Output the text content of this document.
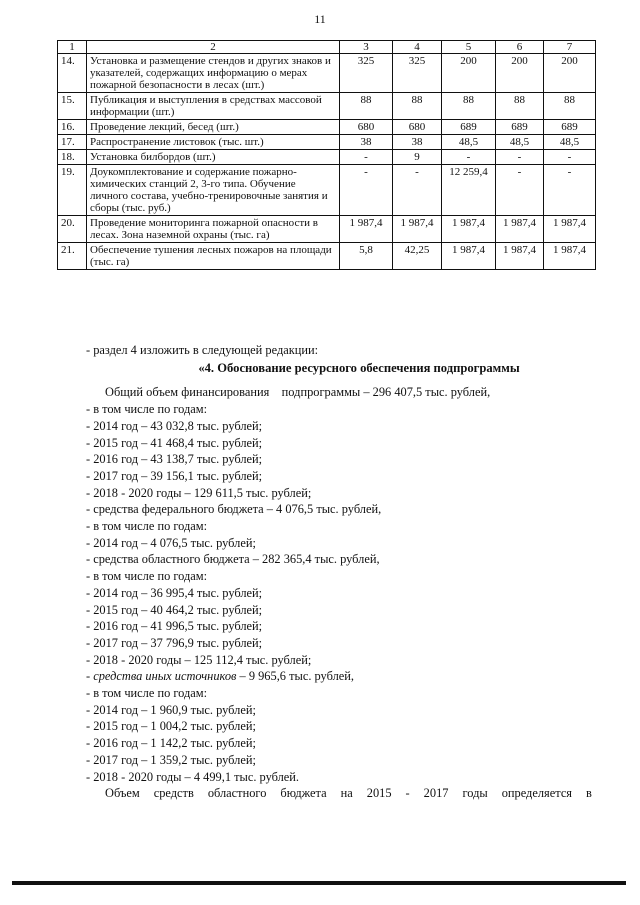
11
1	2	3	4	5	6	7
14.	Установка и размещение стендов и других знаков и указателей, содержащих информацию о мерах пожарной безопасности в лесах (шт.)	325	325	200	200	200
15.	Публикация и выступления в средствах массовой информации (шт.)	88	88	88	88	88
16.	Проведение лекций, бесед (шт.)	680	680	689	689	689
17.	Распространение листовок (тыс. шт.)	38	38	48,5	48,5	48,5
18.	Установка билбордов (шт.)	-	9	-	-	-
19.	Доукомплектование и содержание пожарно-химических станций 2, 3-го типа. Обучение личного состава, учебно-тренировочные занятия и сборы (тыс. руб.)	-	-	12 259,4	-	-
20.	Проведение мониторинга пожарной опасности в лесах. Зона наземной охраны (тыс. га)	1 987,4	1 987,4	1 987,4	1 987,4	1 987,4
21.	Обеспечение тушения лесных пожаров на площади (тыс. га)	5,8	42,25	1 987,4	1 987,4	1 987,4
- раздел 4 изложить в следующей редакции:
«4. Обоснование ресурсного обеспечения подпрограммы
Общий объем финансирования    подпрограммы – 296 407,5 тыс. рублей,
- в том числе по годам:
- 2014 год – 43 032,8 тыс. рублей;
- 2015 год – 41 468,4 тыс. рублей;
- 2016 год – 43 138,7 тыс. рублей;
- 2017 год – 39 156,1 тыс. рублей;
- 2018 - 2020 годы – 129 611,5 тыс. рублей;
- средства федерального бюджета – 4 076,5 тыс. рублей,
- в том числе по годам:
- 2014 год – 4 076,5 тыс. рублей;
- средства областного бюджета – 282 365,4 тыс. рублей,
- в том числе по годам:
- 2014 год – 36 995,4 тыс. рублей;
- 2015 год – 40 464,2 тыс. рублей;
- 2016 год – 41 996,5 тыс. рублей;
- 2017 год – 37 796,9 тыс. рублей;
- 2018 - 2020 годы – 125 112,4 тыс. рублей;
- средства иных источников – 9 965,6 тыс. рублей,
- в том числе по годам:
- 2014 год – 1 960,9 тыс. рублей;
- 2015 год – 1 004,2 тыс. рублей;
- 2016 год – 1 142,2 тыс. рублей;
- 2017 год – 1 359,2 тыс. рублей;
- 2018 - 2020 годы – 4 499,1 тыс. рублей.
Объем средств областного бюджета на 2015 - 2017 годы определяется в
